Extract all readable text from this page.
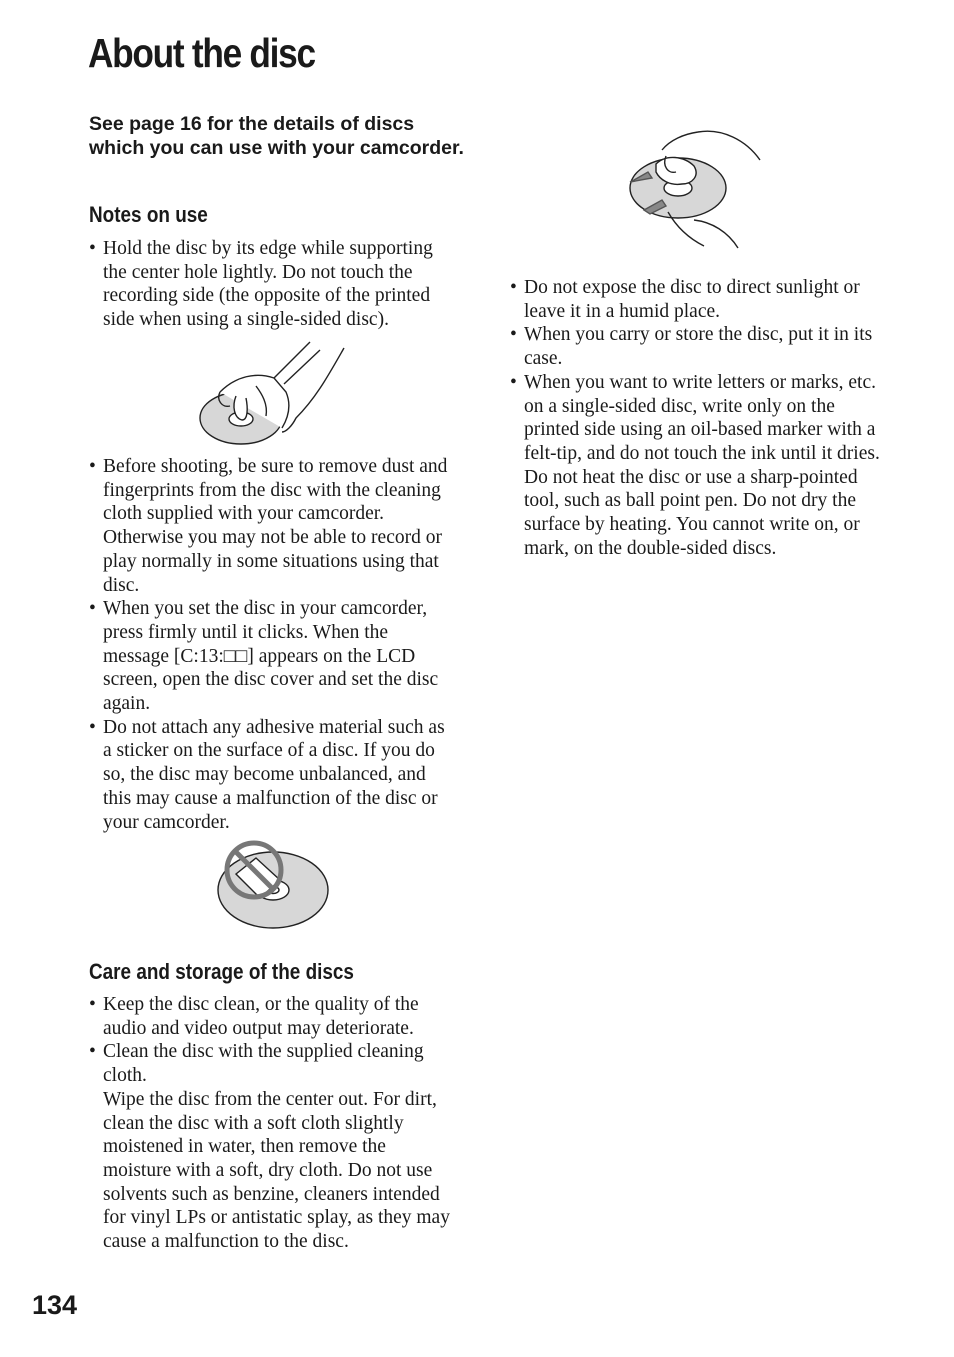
About the disc

See page 16 for the details of discs which you can use with your camcorder.

Notes on use
• Hold the disc by its edge while supporting the center hole lightly. Do not touch the recording side (the opposite of the printed side when using a single-sided disc).
• Before shooting, be sure to remove dust and fingerprints from the disc with the cleaning cloth supplied with your camcorder. Otherwise you may not be able to record or play normally in some situations using that disc.
• When you set the disc in your camcorder, press firmly until it clicks. When the message [C:13:□□] appears on the LCD screen, open the disc cover and set the disc again.
• Do not attach any adhesive material such as a sticker on the surface of a disc. If you do so, the disc may become unbalanced, and this may cause a malfunction of the disc or your camcorder.
Care and storage of the discs
• Keep the disc clean, or the quality of the audio and video output may deteriorate.
• Clean the disc with the supplied cleaning cloth.
Wipe the disc from the center out. For dirt, clean the disc with a soft cloth slightly moistened in water, then remove the moisture with a soft, dry cloth. Do not use solvents such as benzine, cleaners intended for vinyl LPs or antistatic splay, as they may cause a malfunction to the disc.
• Do not expose the disc to direct sunlight or leave it in a humid place.
• When you carry or store the disc, put it in its case.
• When you want to write letters or marks, etc. on a single-sided disc, write only on the printed side using an oil-based marker with a felt-tip, and do not touch the ink until it dries. Do not heat the disc or use a sharp-pointed tool, such as ball point pen. Do not dry the surface by heating. You cannot write on, or mark, on the double-sided discs.
134
